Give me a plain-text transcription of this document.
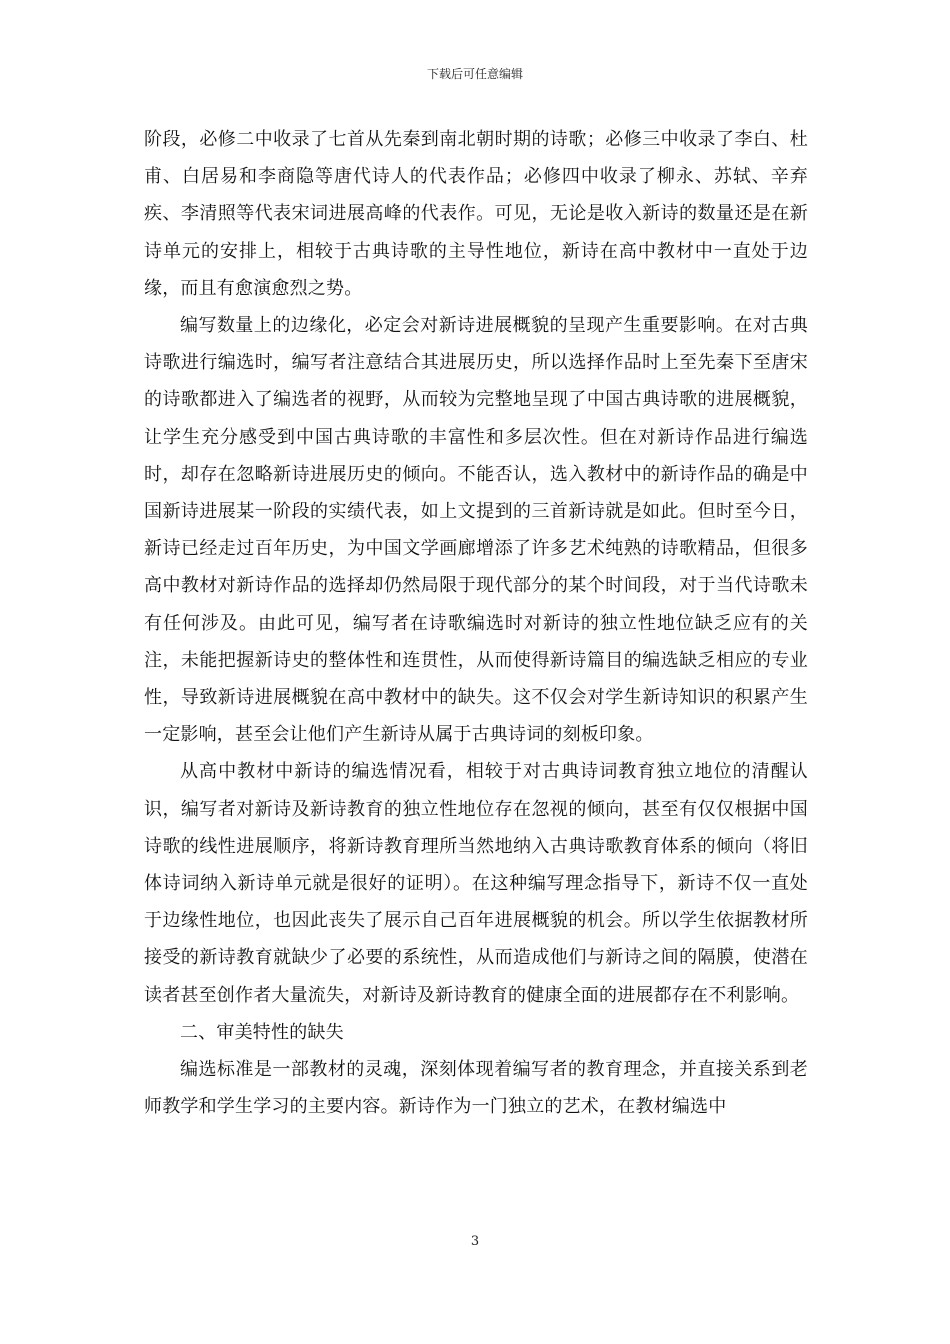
下载后可任意编辑

阶段，必修二中收录了七首从先秦到南北朝时期的诗歌；必修三中收录了李白、杜甫、白居易和李商隐等唐代诗人的代表作品；必修四中收录了柳永、苏轼、辛弃疾、李清照等代表宋词进展高峰的代表作。可见，无论是收入新诗的数量还是在新诗单元的安排上，相较于古典诗歌的主导性地位，新诗在高中教材中一直处于边缘，而且有愈演愈烈之势。

编写数量上的边缘化，必定会对新诗进展概貌的呈现产生重要影响。在对古典诗歌进行编选时，编写者注意结合其进展历史，所以选择作品时上至先秦下至唐宋的诗歌都进入了编选者的视野，从而较为完整地呈现了中国古典诗歌的进展概貌，让学生充分感受到中国古典诗歌的丰富性和多层次性。但在对新诗作品进行编选时，却存在忽略新诗进展历史的倾向。不能否认，选入教材中的新诗作品的确是中国新诗进展某一阶段的实绩代表，如上文提到的三首新诗就是如此。但时至今日，新诗已经走过百年历史，为中国文学画廊增添了许多艺术纯熟的诗歌精品，但很多高中教材对新诗作品的选择却仍然局限于现代部分的某个时间段，对于当代诗歌未有任何涉及。由此可见，编写者在诗歌编选时对新诗的独立性地位缺乏应有的关注，未能把握新诗史的整体性和连贯性，从而使得新诗篇目的编选缺乏相应的专业性，导致新诗进展概貌在高中教材中的缺失。这不仅会对学生新诗知识的积累产生一定影响，甚至会让他们产生新诗从属于古典诗词的刻板印象。

从高中教材中新诗的编选情况看，相较于对古典诗词教育独立地位的清醒认识，编写者对新诗及新诗教育的独立性地位存在忽视的倾向，甚至有仅仅根据中国诗歌的线性进展顺序，将新诗教育理所当然地纳入古典诗歌教育体系的倾向（将旧体诗词纳入新诗单元就是很好的证明）。在这种编写理念指导下，新诗不仅一直处于边缘性地位，也因此丧失了展示自己百年进展概貌的机会。所以学生依据教材所接受的新诗教育就缺少了必要的系统性，从而造成他们与新诗之间的隔膜，使潜在读者甚至创作者大量流失，对新诗及新诗教育的健康全面的进展都存在不利影响。

二、审美特性的缺失

编选标准是一部教材的灵魂，深刻体现着编写者的教育理念，并直接关系到老师教学和学生学习的主要内容。新诗作为一门独立的艺术，在教材编选中

3
